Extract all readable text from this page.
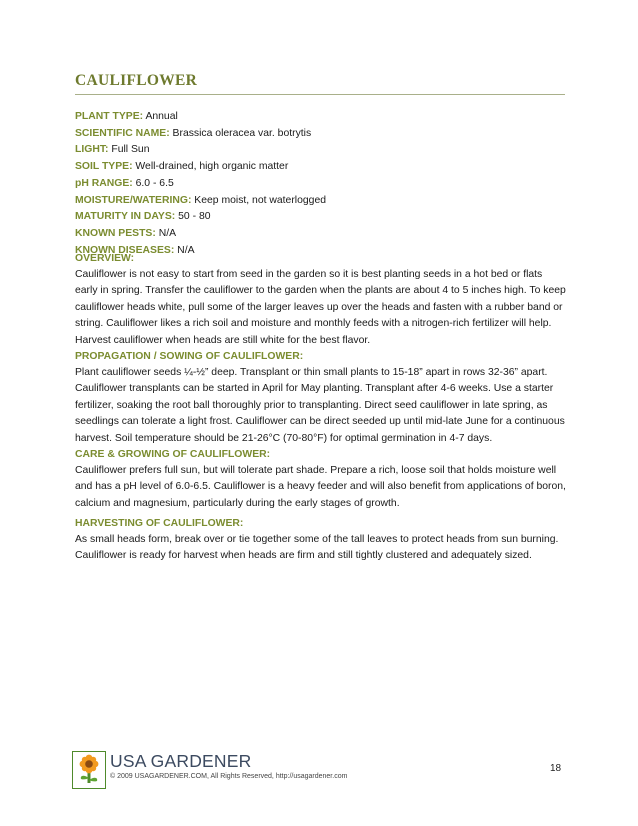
CAULIFLOWER
PLANT TYPE: Annual
SCIENTIFIC NAME: Brassica oleracea var. botrytis
LIGHT: Full Sun
SOIL TYPE: Well-drained, high organic matter
pH RANGE: 6.0 - 6.5
MOISTURE/WATERING: Keep moist, not waterlogged
MATURITY IN DAYS: 50 - 80
KNOWN PESTS: N/A
KNOWN DISEASES: N/A
OVERVIEW:

Cauliflower is not easy to start from seed in the garden so it is best planting seeds in a hot bed or flats early in spring. Transfer the cauliflower to the garden when the plants are about 4 to 5 inches high. To keep cauliflower heads white, pull some of the larger leaves up over the heads and fasten with a rubber band or string. Cauliflower likes a rich soil and moisture and monthly feeds with a nitrogen-rich fertilizer will help. Harvest cauliflower when heads are still white for the best flavor.

PROPAGATION / SOWING OF CAULIFLOWER:

Plant cauliflower seeds ¼-½” deep. Transplant or thin small plants to 15-18” apart in rows 32-36” apart. Cauliflower transplants can be started in April for May planting. Transplant after 4-6 weeks. Use a starter fertilizer, soaking the root ball thoroughly prior to transplanting. Direct seed cauliflower in late spring, as seedlings can tolerate a light frost. Cauliflower can be direct seeded up until mid-late June for a continuous harvest. Soil temperature should be 21-26°C (70-80°F) for optimal germination in 4-7 days.

CARE & GROWING OF CAULIFLOWER:

Cauliflower prefers full sun, but will tolerate part shade. Prepare a rich, loose soil that holds moisture well and has a pH level of 6.0-6.5. Cauliflower is a heavy feeder and will also benefit from applications of boron, calcium and magnesium, particularly during the early stages of growth.

HARVESTING OF CAULIFLOWER:

As small heads form, break over or tie together some of the tall leaves to protect heads from sun burning. Cauliflower is ready for harvest when heads are firm and still tightly clustered and adequately sized.

USA GARDENER
© 2009 USAGARDENER.COM, All Rights Reserved, http://usagardener.com
18
